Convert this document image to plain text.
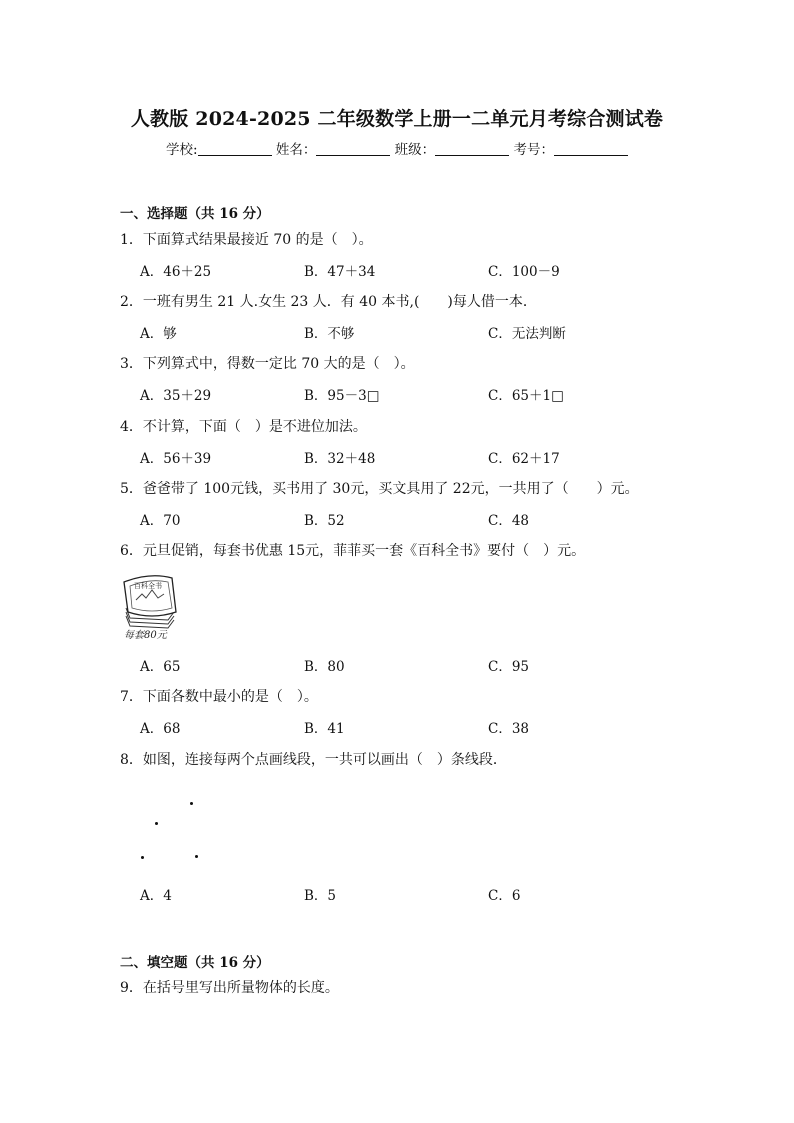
人教版 2024-2025 二年级数学上册一二单元月考综合测试卷
学校:	姓名：	班级：	考号：
一、选择题（共 16 分）
1．下面算式结果最接近 70 的是（　）。
A．46＋25	B．47＋34	C．100－9
2．一班有男生 21 人.女生 23 人．有 40 本书,(　　)每人借一本．
A．够	B．不够	C．无法判断
3．下列算式中，得数一定比 70 大的是（　）。
A．35＋29	B．95－3□	C．65＋1□
4．不计算，下面（　）是不进位加法。
A．56＋39	B．32＋48	C．62＋17
5．爸爸带了 100元钱，买书用了 30元，买文具用了 22元，一共用了（　　）元。
A．70	B．52	C．48
6．元旦促销，每套书优惠 15元，菲菲买一套《百科全书》要付（　）元。
百科全书
每套80元
A．65	B．80	C．95
7．下面各数中最小的是（　）。
A．68	B．41	C．38
8．如图，连接每两个点画线段，一共可以画出（　）条线段．
A．4	B．5	C．6
二、填空题（共 16 分）
9．在括号里写出所量物体的长度。
